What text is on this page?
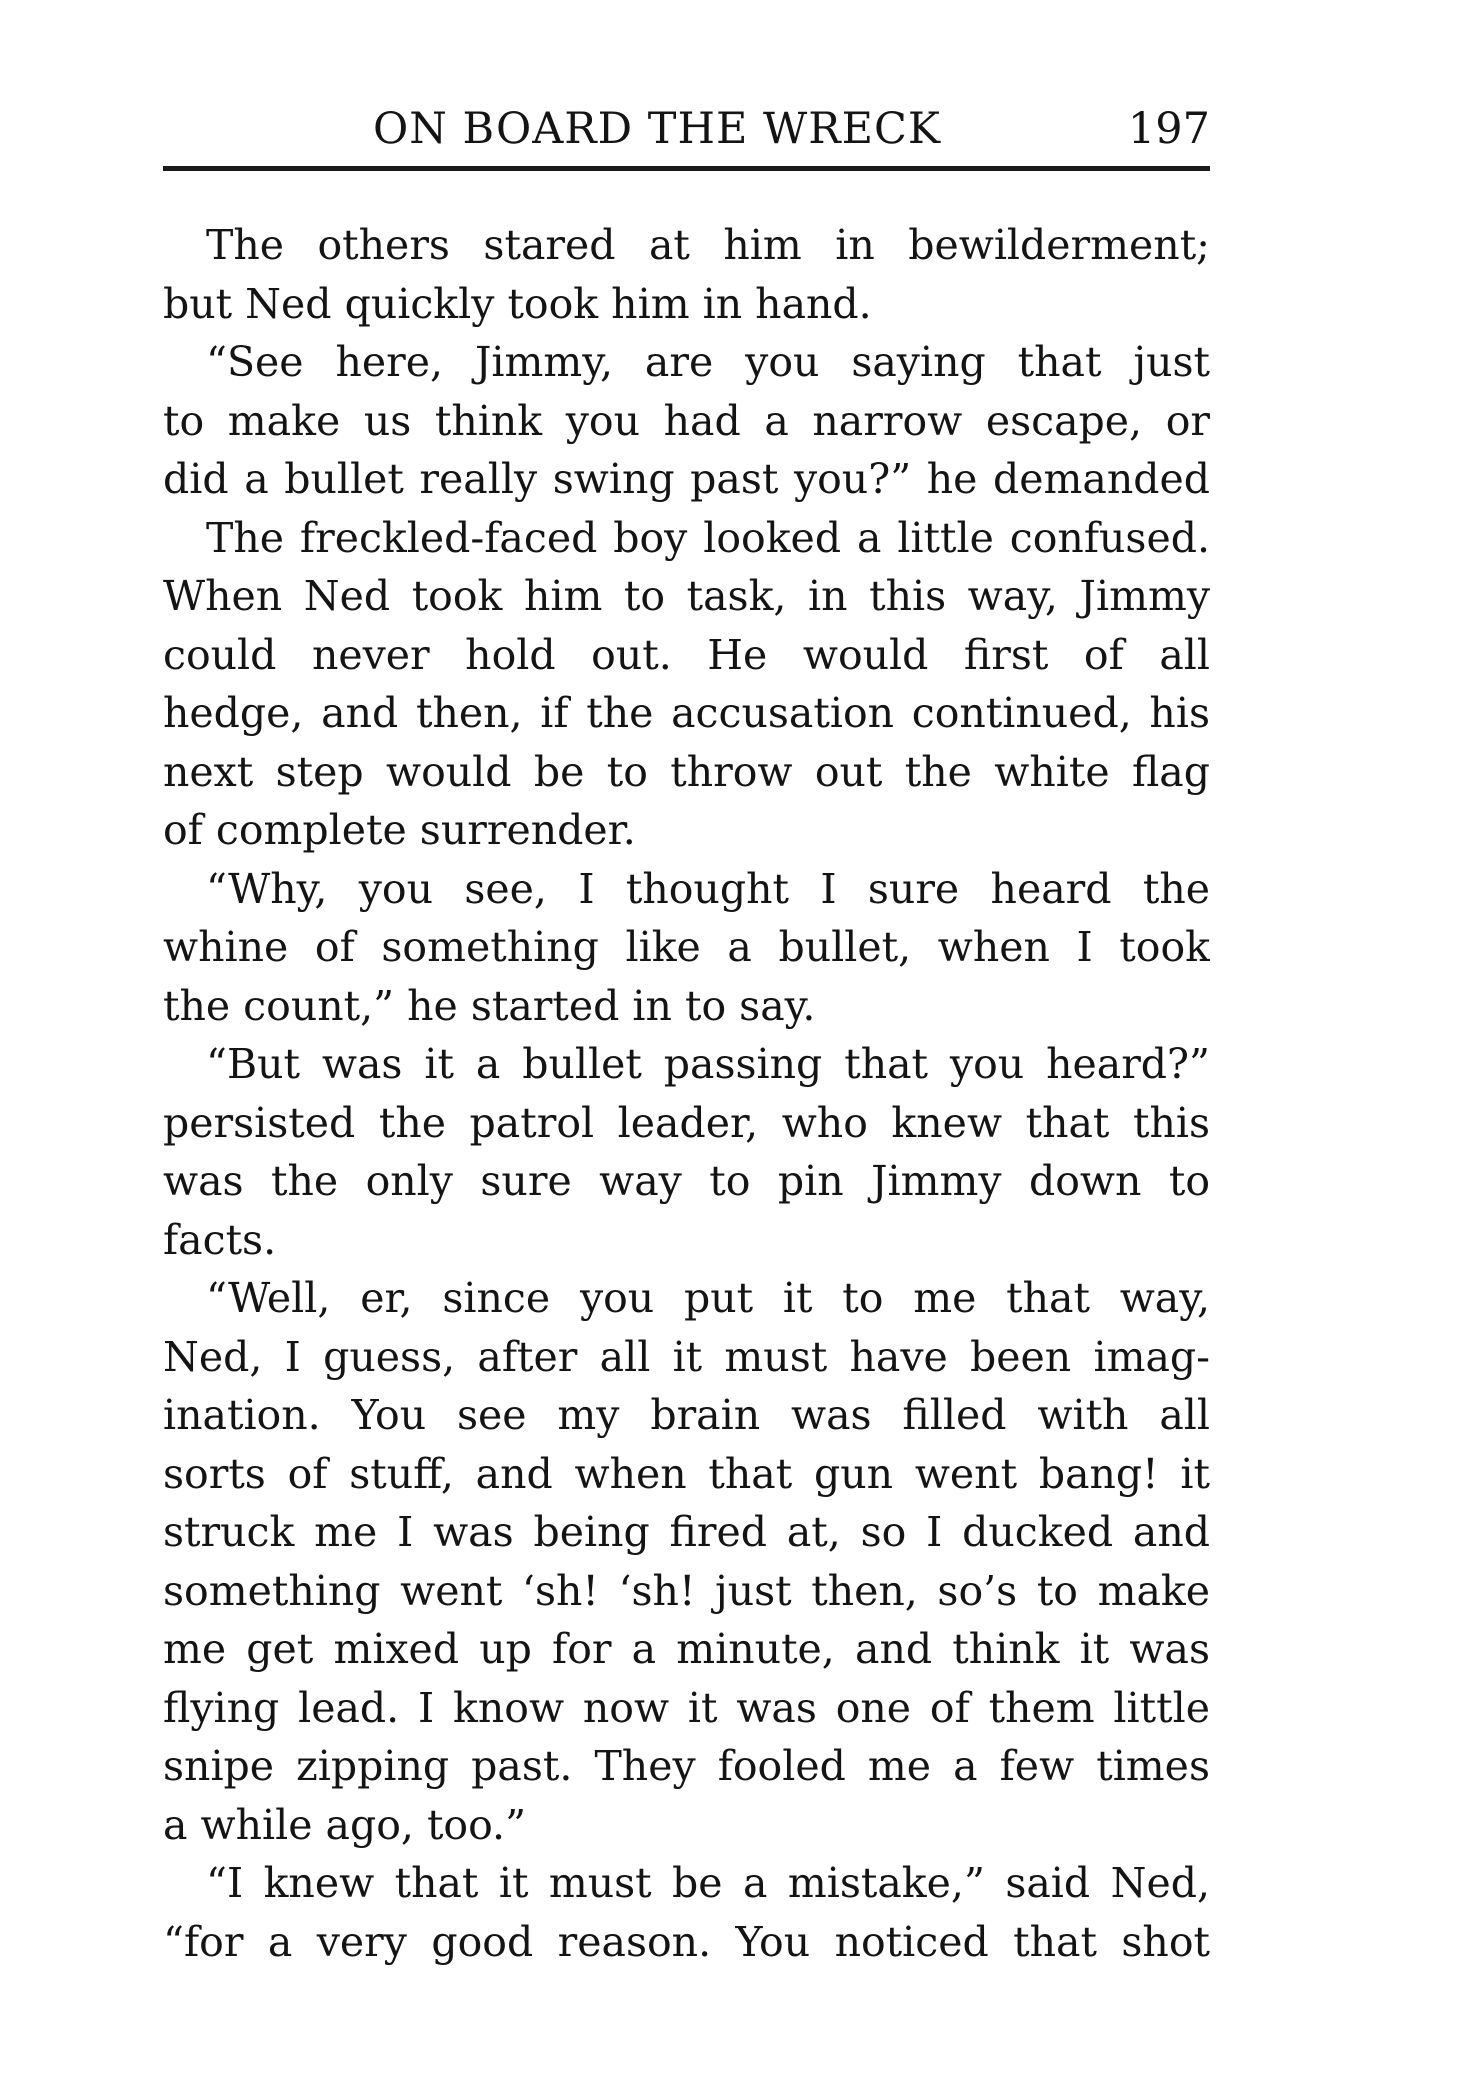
ON BOARD THE WRECK	197
The others stared at him in bewilderment;
but Ned quickly took him in hand.
“See here, Jimmy, are you saying that just
to make us think you had a narrow escape, or
did a bullet really swing past you?” he demanded
The freckled-faced boy looked a little confused.
When Ned took him to task, in this way, Jimmy
could never hold out. He would first of all
hedge, and then, if the accusation continued, his
next step would be to throw out the white flag
of complete surrender.
“Why, you see, I thought I sure heard the
whine of something like a bullet, when I took
the count,” he started in to say.
“But was it a bullet passing that you heard?”
persisted the patrol leader, who knew that this
was the only sure way to pin Jimmy down to
facts.
“Well, er, since you put it to me that way,
Ned, I guess, after all it must have been imag-
ination. You see my brain was filled with all
sorts of stuff, and when that gun went bang! it
struck me I was being fired at, so I ducked and
something went ‘sh! ‘sh! just then, so’s to make
me get mixed up for a minute, and think it was
flying lead. I know now it was one of them little
snipe zipping past. They fooled me a few times
a while ago, too.”
“I knew that it must be a mistake,” said Ned,
“for a very good reason. You noticed that shot
